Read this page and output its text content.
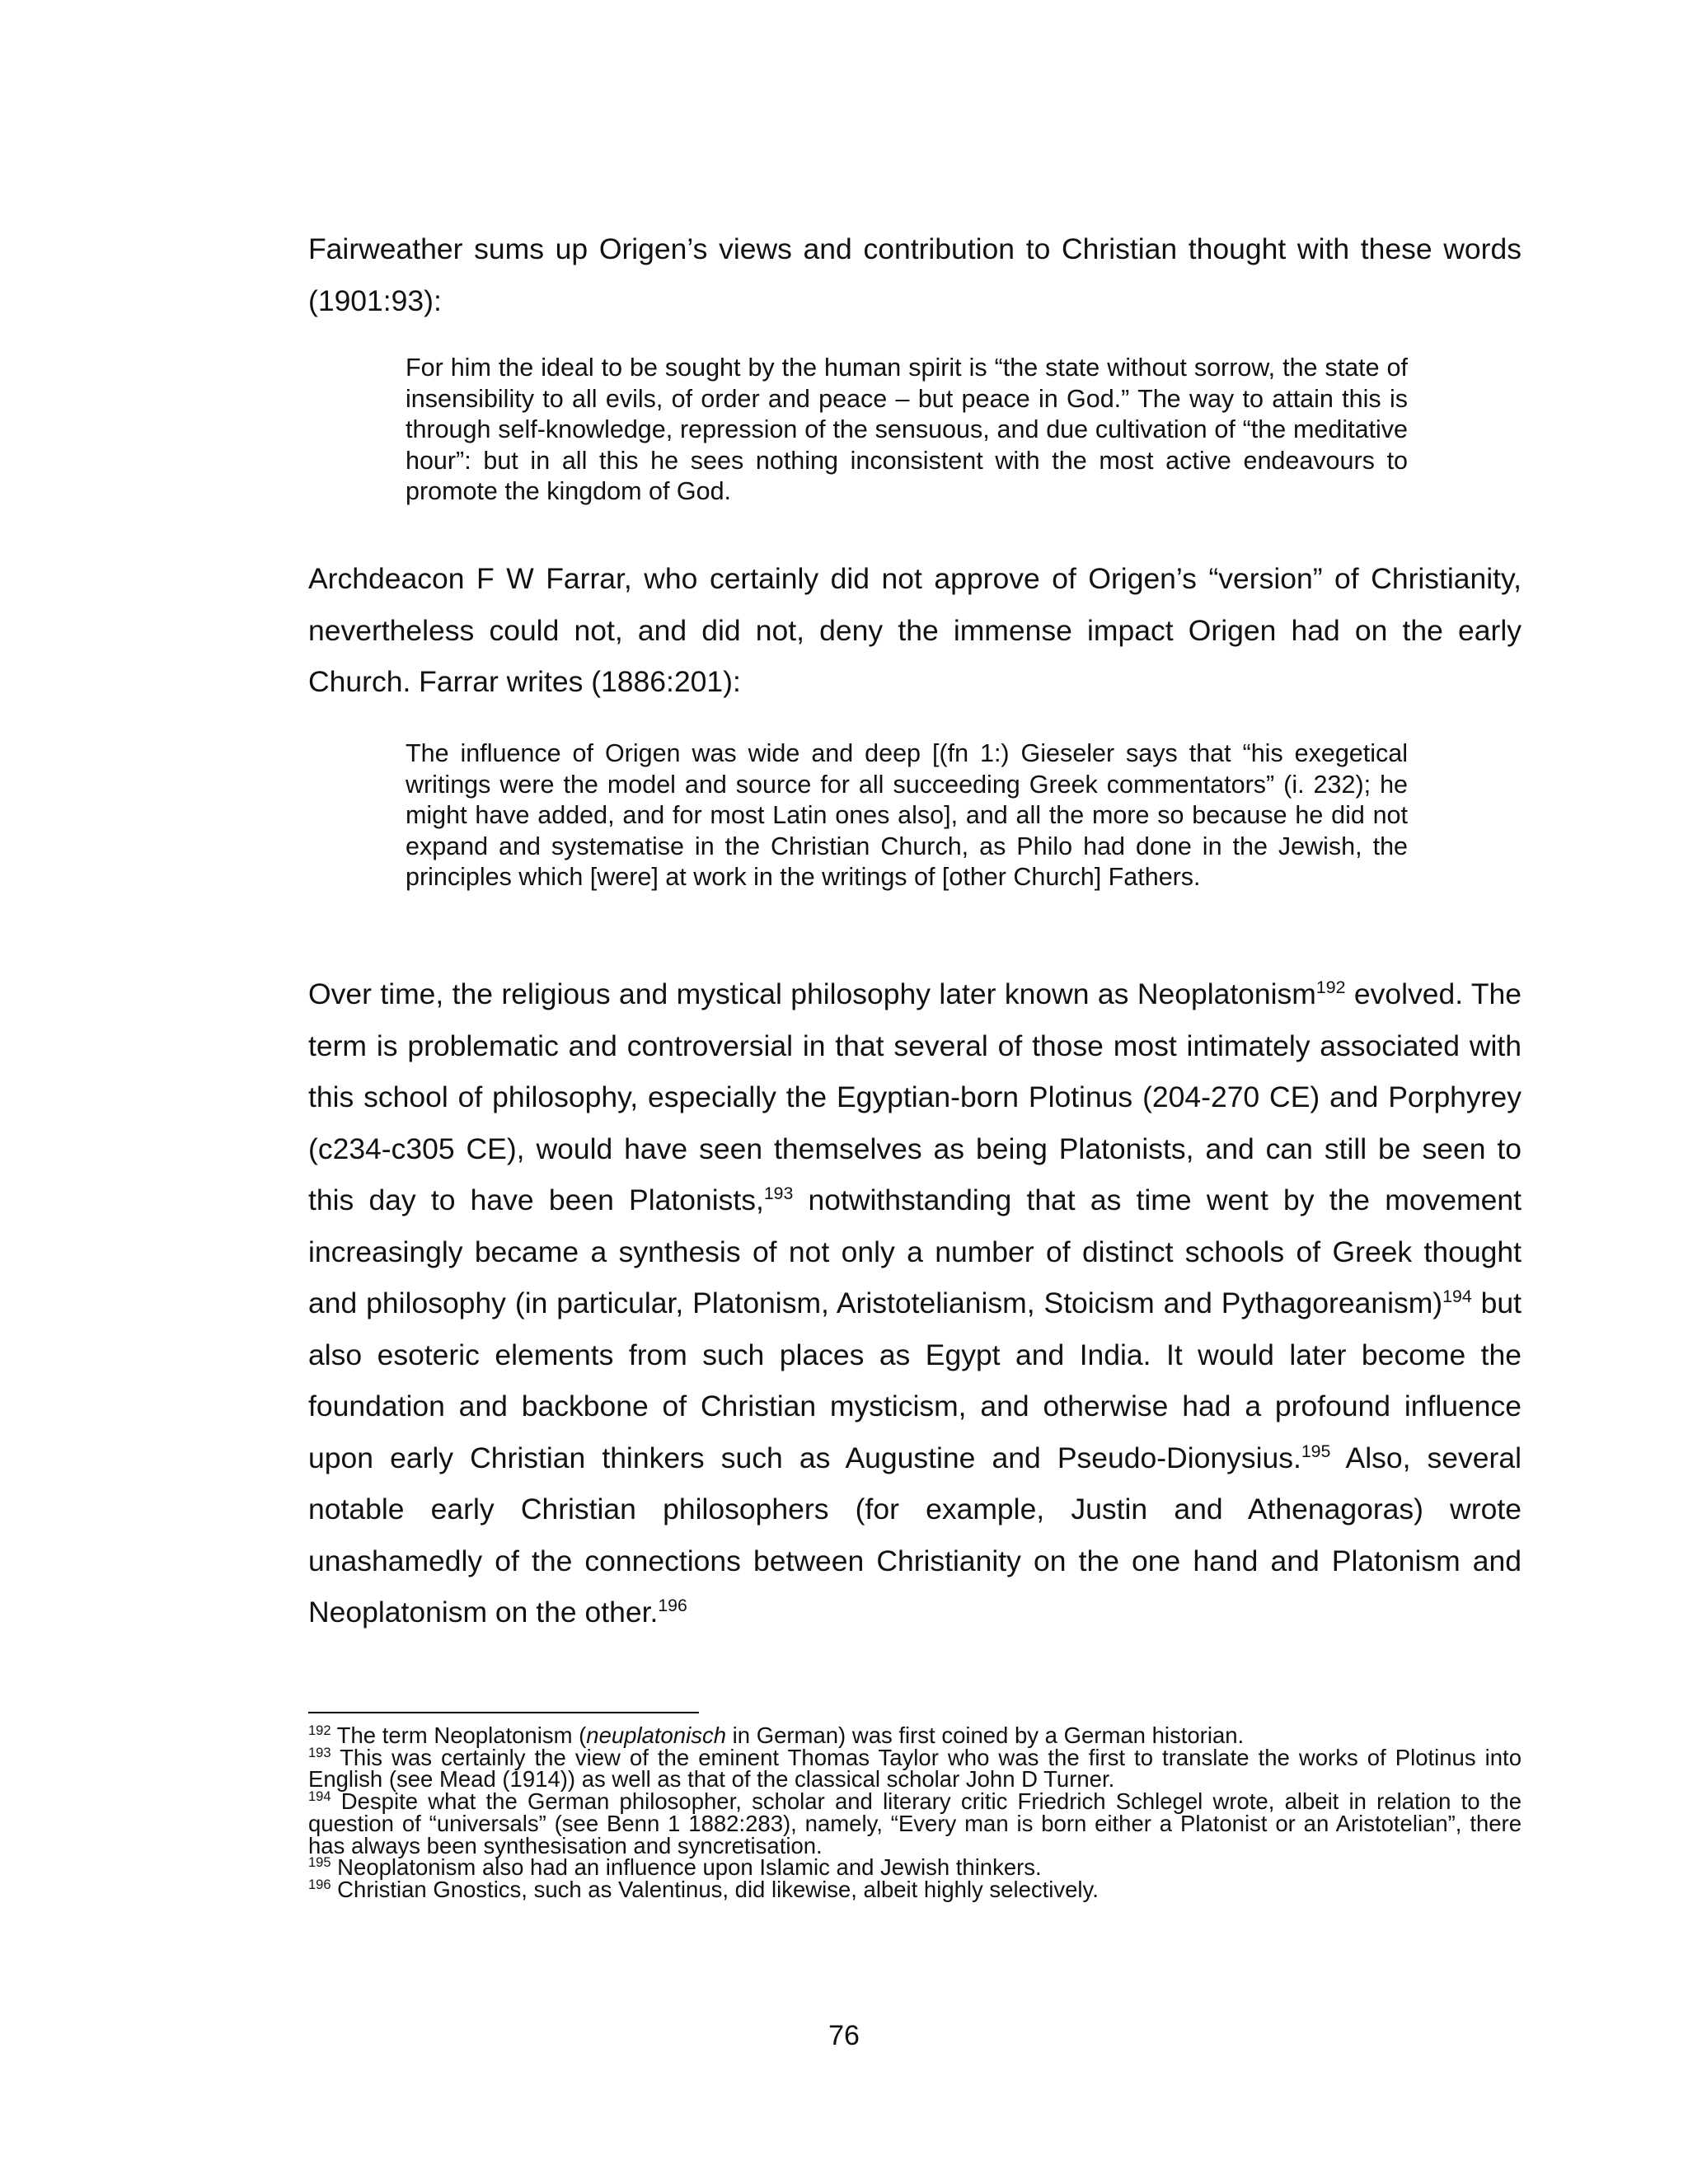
Fairweather sums up Origen’s views and contribution to Christian thought with these words (1901:93):

For him the ideal to be sought by the human spirit is “the state without sorrow, the state of insensibility to all evils, of order and peace – but peace in God.” The way to attain this is through self-knowledge, repression of the sensuous, and due cultivation of “the meditative hour”: but in all this he sees nothing inconsistent with the most active endeavours to promote the kingdom of God.

Archdeacon F W Farrar, who certainly did not approve of Origen’s “version” of Christianity, nevertheless could not, and did not, deny the immense impact Origen had on the early Church. Farrar writes (1886:201):

The influence of Origen was wide and deep [(fn 1:) Gieseler says that “his exegetical writings were the model and source for all succeeding Greek commentators” (i. 232); he might have added, and for most Latin ones also], and all the more so because he did not expand and systematise in the Christian Church, as Philo had done in the Jewish, the principles which [were] at work in the writings of [other Church] Fathers.

Over time, the religious and mystical philosophy later known as Neoplatonism$^{192}$ evolved. The term is problematic and controversial in that several of those most intimately associated with this school of philosophy, especially the Egyptian-born Plotinus (204-270 CE) and Porphyrey (c234-c305 CE), would have seen themselves as being Platonists, and can still be seen to this day to have been Platonists,$^{193}$ notwithstanding that as time went by the movement increasingly became a synthesis of not only a number of distinct schools of Greek thought and philosophy (in particular, Platonism, Aristotelianism, Stoicism and Pythagoreanism)$^{194}$ but also esoteric elements from such places as Egypt and India. It would later become the foundation and backbone of Christian mysticism, and otherwise had a profound influence upon early Christian thinkers such as Augustine and Pseudo-Dionysius.$^{195}$ Also, several notable early Christian philosophers (for example, Justin and Athenagoras) wrote unashamedly of the connections between Christianity on the one hand and Platonism and Neoplatonism on the other.$^{196}$

$^{192}$ The term Neoplatonism (neuplatonisch in German) was first coined by a German historian.

$^{193}$ This was certainly the view of the eminent Thomas Taylor who was the first to translate the works of Plotinus into English (see Mead (1914)) as well as that of the classical scholar John D Turner.

$^{194}$ Despite what the German philosopher, scholar and literary critic Friedrich Schlegel wrote, albeit in relation to the question of “universals” (see Benn 1 1882:283), namely, “Every man is born either a Platonist or an Aristotelian”, there has always been synthesisation and syncretisation.

$^{195}$ Neoplatonism also had an influence upon Islamic and Jewish thinkers.

$^{196}$ Christian Gnostics, such as Valentinus, did likewise, albeit highly selectively.

76
